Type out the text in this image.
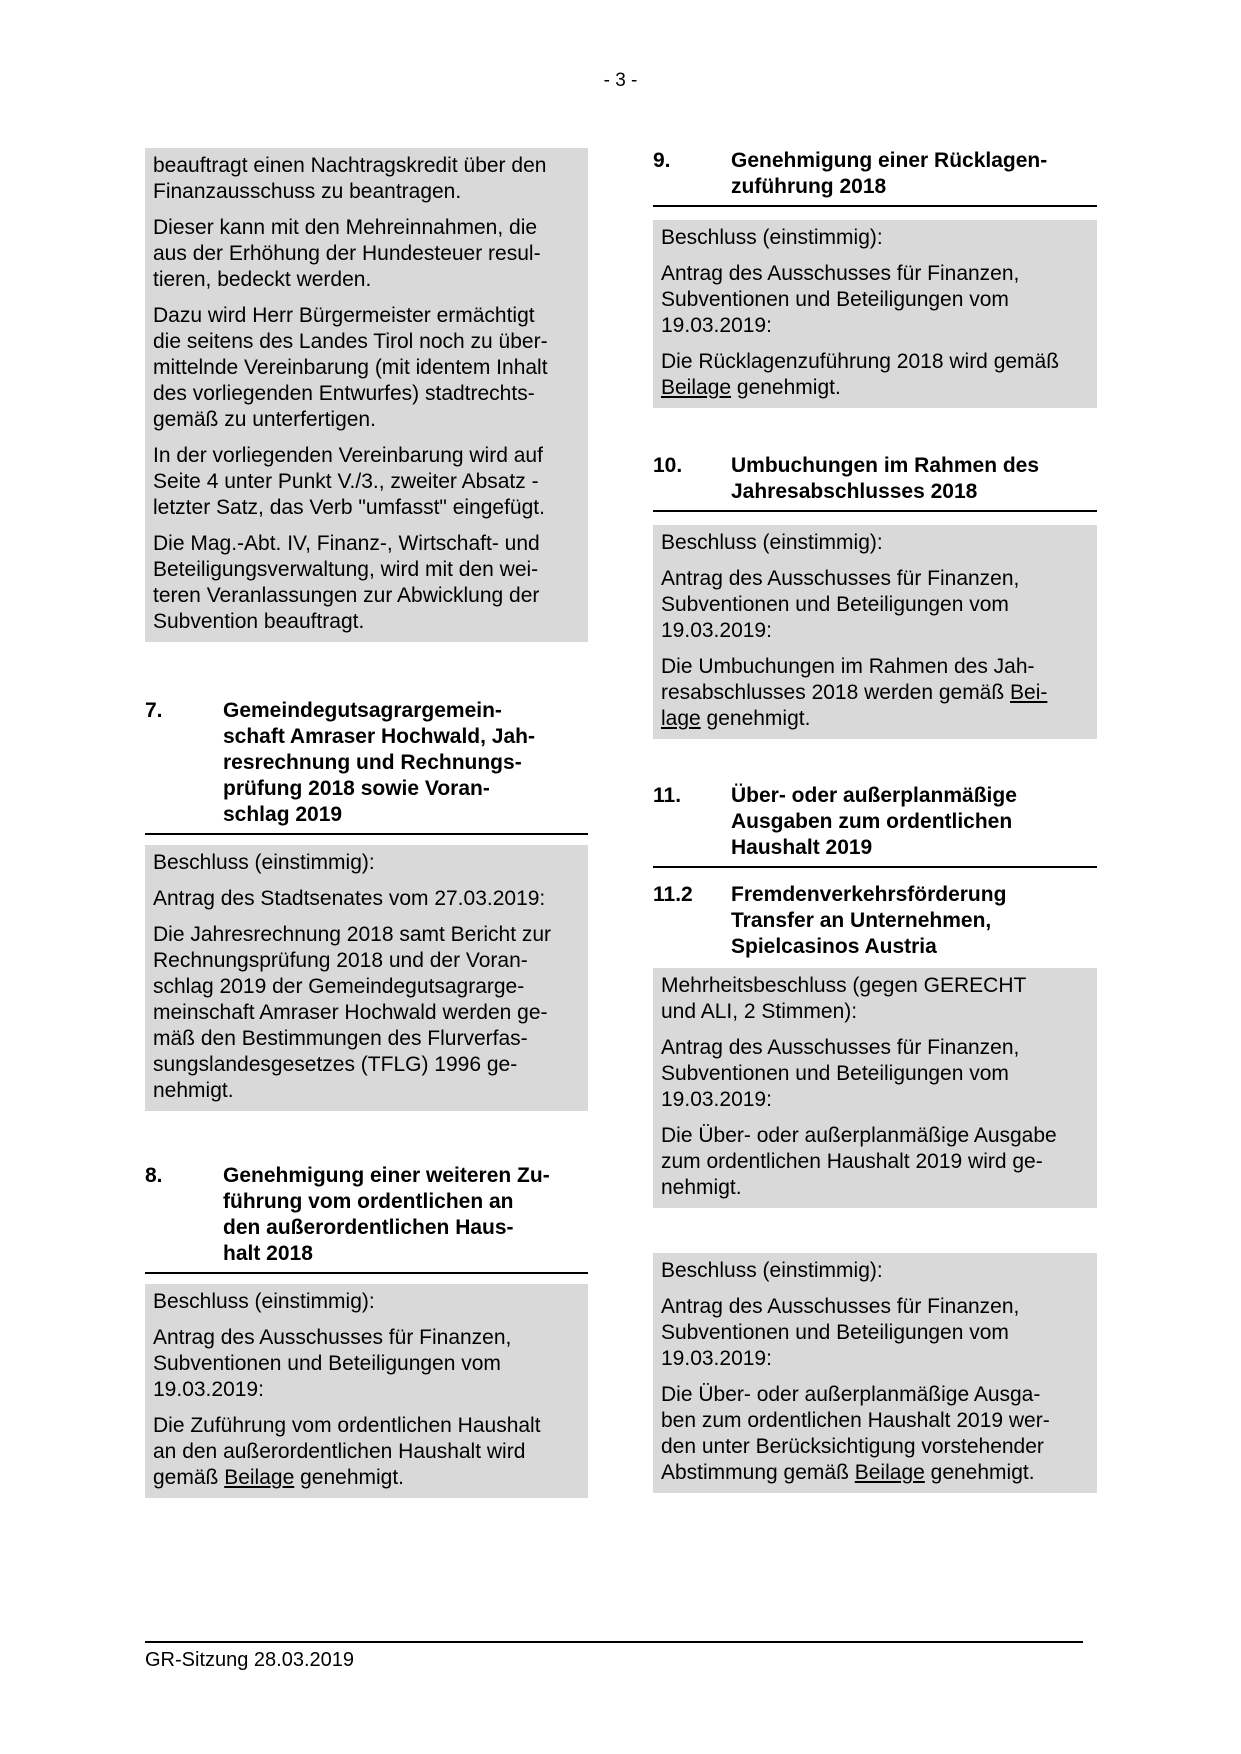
- 3 -

beauftragt einen Nachtragskredit über den
Finanzausschuss zu beantragen.

Dieser kann mit den Mehreinnahmen, die
aus der Erhöhung der Hundesteuer resul-
tieren, bedeckt werden.

Dazu wird Herr Bürgermeister ermächtigt
die seitens des Landes Tirol noch zu über-
mittelnde Vereinbarung (mit identem Inhalt
des vorliegenden Entwurfes) stadtrechts-
gemäß zu unterfertigen.

In der vorliegenden Vereinbarung wird auf
Seite 4 unter Punkt V./3., zweiter Absatz -
letzter Satz, das Verb "umfasst" eingefügt.

Die Mag.-Abt. IV, Finanz-, Wirtschaft- und
Beteiligungsverwaltung, wird mit den wei-
teren Veranlassungen zur Abwicklung der
Subvention beauftragt.

7.	Gemeindegutsagrargemein-
schaft Amraser Hochwald, Jah-
resrechnung und Rechnungs-
prüfung 2018 sowie Voran-
schlag 2019

Beschluss (einstimmig):

Antrag des Stadtsenates vom 27.03.2019:

Die Jahresrechnung 2018 samt Bericht zur
Rechnungsprüfung 2018 und der Voran-
schlag 2019 der Gemeindegutsagrarge-
meinschaft Amraser Hochwald werden ge-
mäß den Bestimmungen des Flurverfas-
sungslandesgesetzes (TFLG) 1996 ge-
nehmigt.

8.	Genehmigung einer weiteren Zu-
führung vom ordentlichen an
den außerordentlichen Haus-
halt 2018

Beschluss (einstimmig):

Antrag des Ausschusses für Finanzen,
Subventionen und Beteiligungen vom
19.03.2019:

Die Zuführung vom ordentlichen Haushalt
an den außerordentlichen Haushalt wird
gemäß Beilage genehmigt.

9.	Genehmigung einer Rücklagen-
zuführung 2018

Beschluss (einstimmig):

Antrag des Ausschusses für Finanzen,
Subventionen und Beteiligungen vom
19.03.2019:

Die Rücklagenzuführung 2018 wird gemäß
Beilage genehmigt.

10. Umbuchungen im Rahmen des
Jahresabschlusses 2018

Beschluss (einstimmig):

Antrag des Ausschusses für Finanzen,
Subventionen und Beteiligungen vom
19.03.2019:

Die Umbuchungen im Rahmen des Jah-
resabschlusses 2018 werden gemäß Bei-
lage genehmigt.

11. Über- oder außerplanmäßige
Ausgaben zum ordentlichen
Haushalt 2019
11.2 Fremdenverkehrsförderung
Transfer an Unternehmen,
Spielcasinos Austria

Mehrheitsbeschluss (gegen GERECHT
und ALI, 2 Stimmen):

Antrag des Ausschusses für Finanzen,
Subventionen und Beteiligungen vom
19.03.2019:

Die Über- oder außerplanmäßige Ausgabe
zum ordentlichen Haushalt 2019 wird ge-
nehmigt.

Beschluss (einstimmig):

Antrag des Ausschusses für Finanzen,
Subventionen und Beteiligungen vom
19.03.2019:

Die Über- oder außerplanmäßige Ausga-
ben zum ordentlichen Haushalt 2019 wer-
den unter Berücksichtigung vorstehender
Abstimmung gemäß Beilage genehmigt.

GR-Sitzung 28.03.2019
